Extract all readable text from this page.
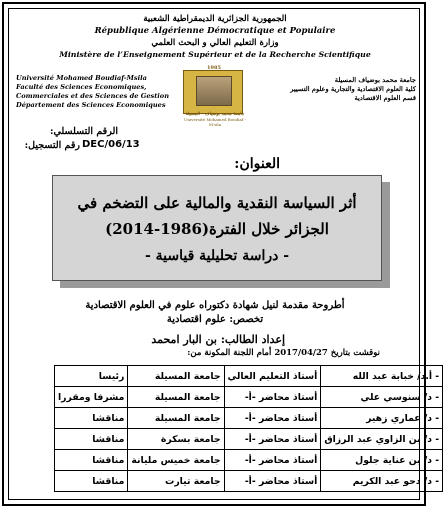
الجمهورية الجزائرية الديمقراطية الشعبية
République Algérienne Démocratique et Populaire
وزارة التعليم العالي و البحث العلمي
Ministère de l’Enseignement Supérieur et de la Recherche Scientifique
Université Mohamed Boudiaf-Msila
Faculté des Sciences Economiques,
Commerciales et des Sciences de Gestion
Département des Sciences Economiques
جامعة محمد بوضياف المسيلة
كلية العلوم الاقتصادية والتجارية وعلوم التسيير
قسم العلوم الاقتصادية
1985
جامعة محمد بوضياف - المسيلة
Université Mohamed Boudiaf - M'sila
الرقم التسلسلي:
رقم التسجيل: DEC/06/13
العنوان:
أثر السياسة النقدية والمالية على التضخم في
الجزائر خلال الفترة(1986-2014)
- دراسة تحليلية قياسية -
أطروحة مقدمة لنيل شهادة دكتوراه علوم في العلوم الاقتصادية
تخصص: علوم اقتصادية
إعداد الطالب: بن البار امحمد
نوقشت بتاريخ 2017/04/27 أمام اللجنة المكونة من:
- أ.د/ خبابة عبد الله	أستاذ التعليم العالي	جامعة المسيلة	رئيسا
- د/ سنوسي علي	أستاذ محاضر -أ-	جامعة المسيلة	مشرفا ومقررا
- د/ عماري زهير	أستاذ محاضر -أ-	جامعة المسيلة	مناقشا
- د/ بن الزاوي عبد الرزاق	أستاذ محاضر -أ-	جامعة بسكرة	مناقشا
- د/ بن عناية جلول	أستاذ محاضر -أ-	جامعة خميس مليانة	مناقشا
- د/ دحو عبد الكريم	أستاذ محاضر -أ-	جامعة تيارت	مناقشا
